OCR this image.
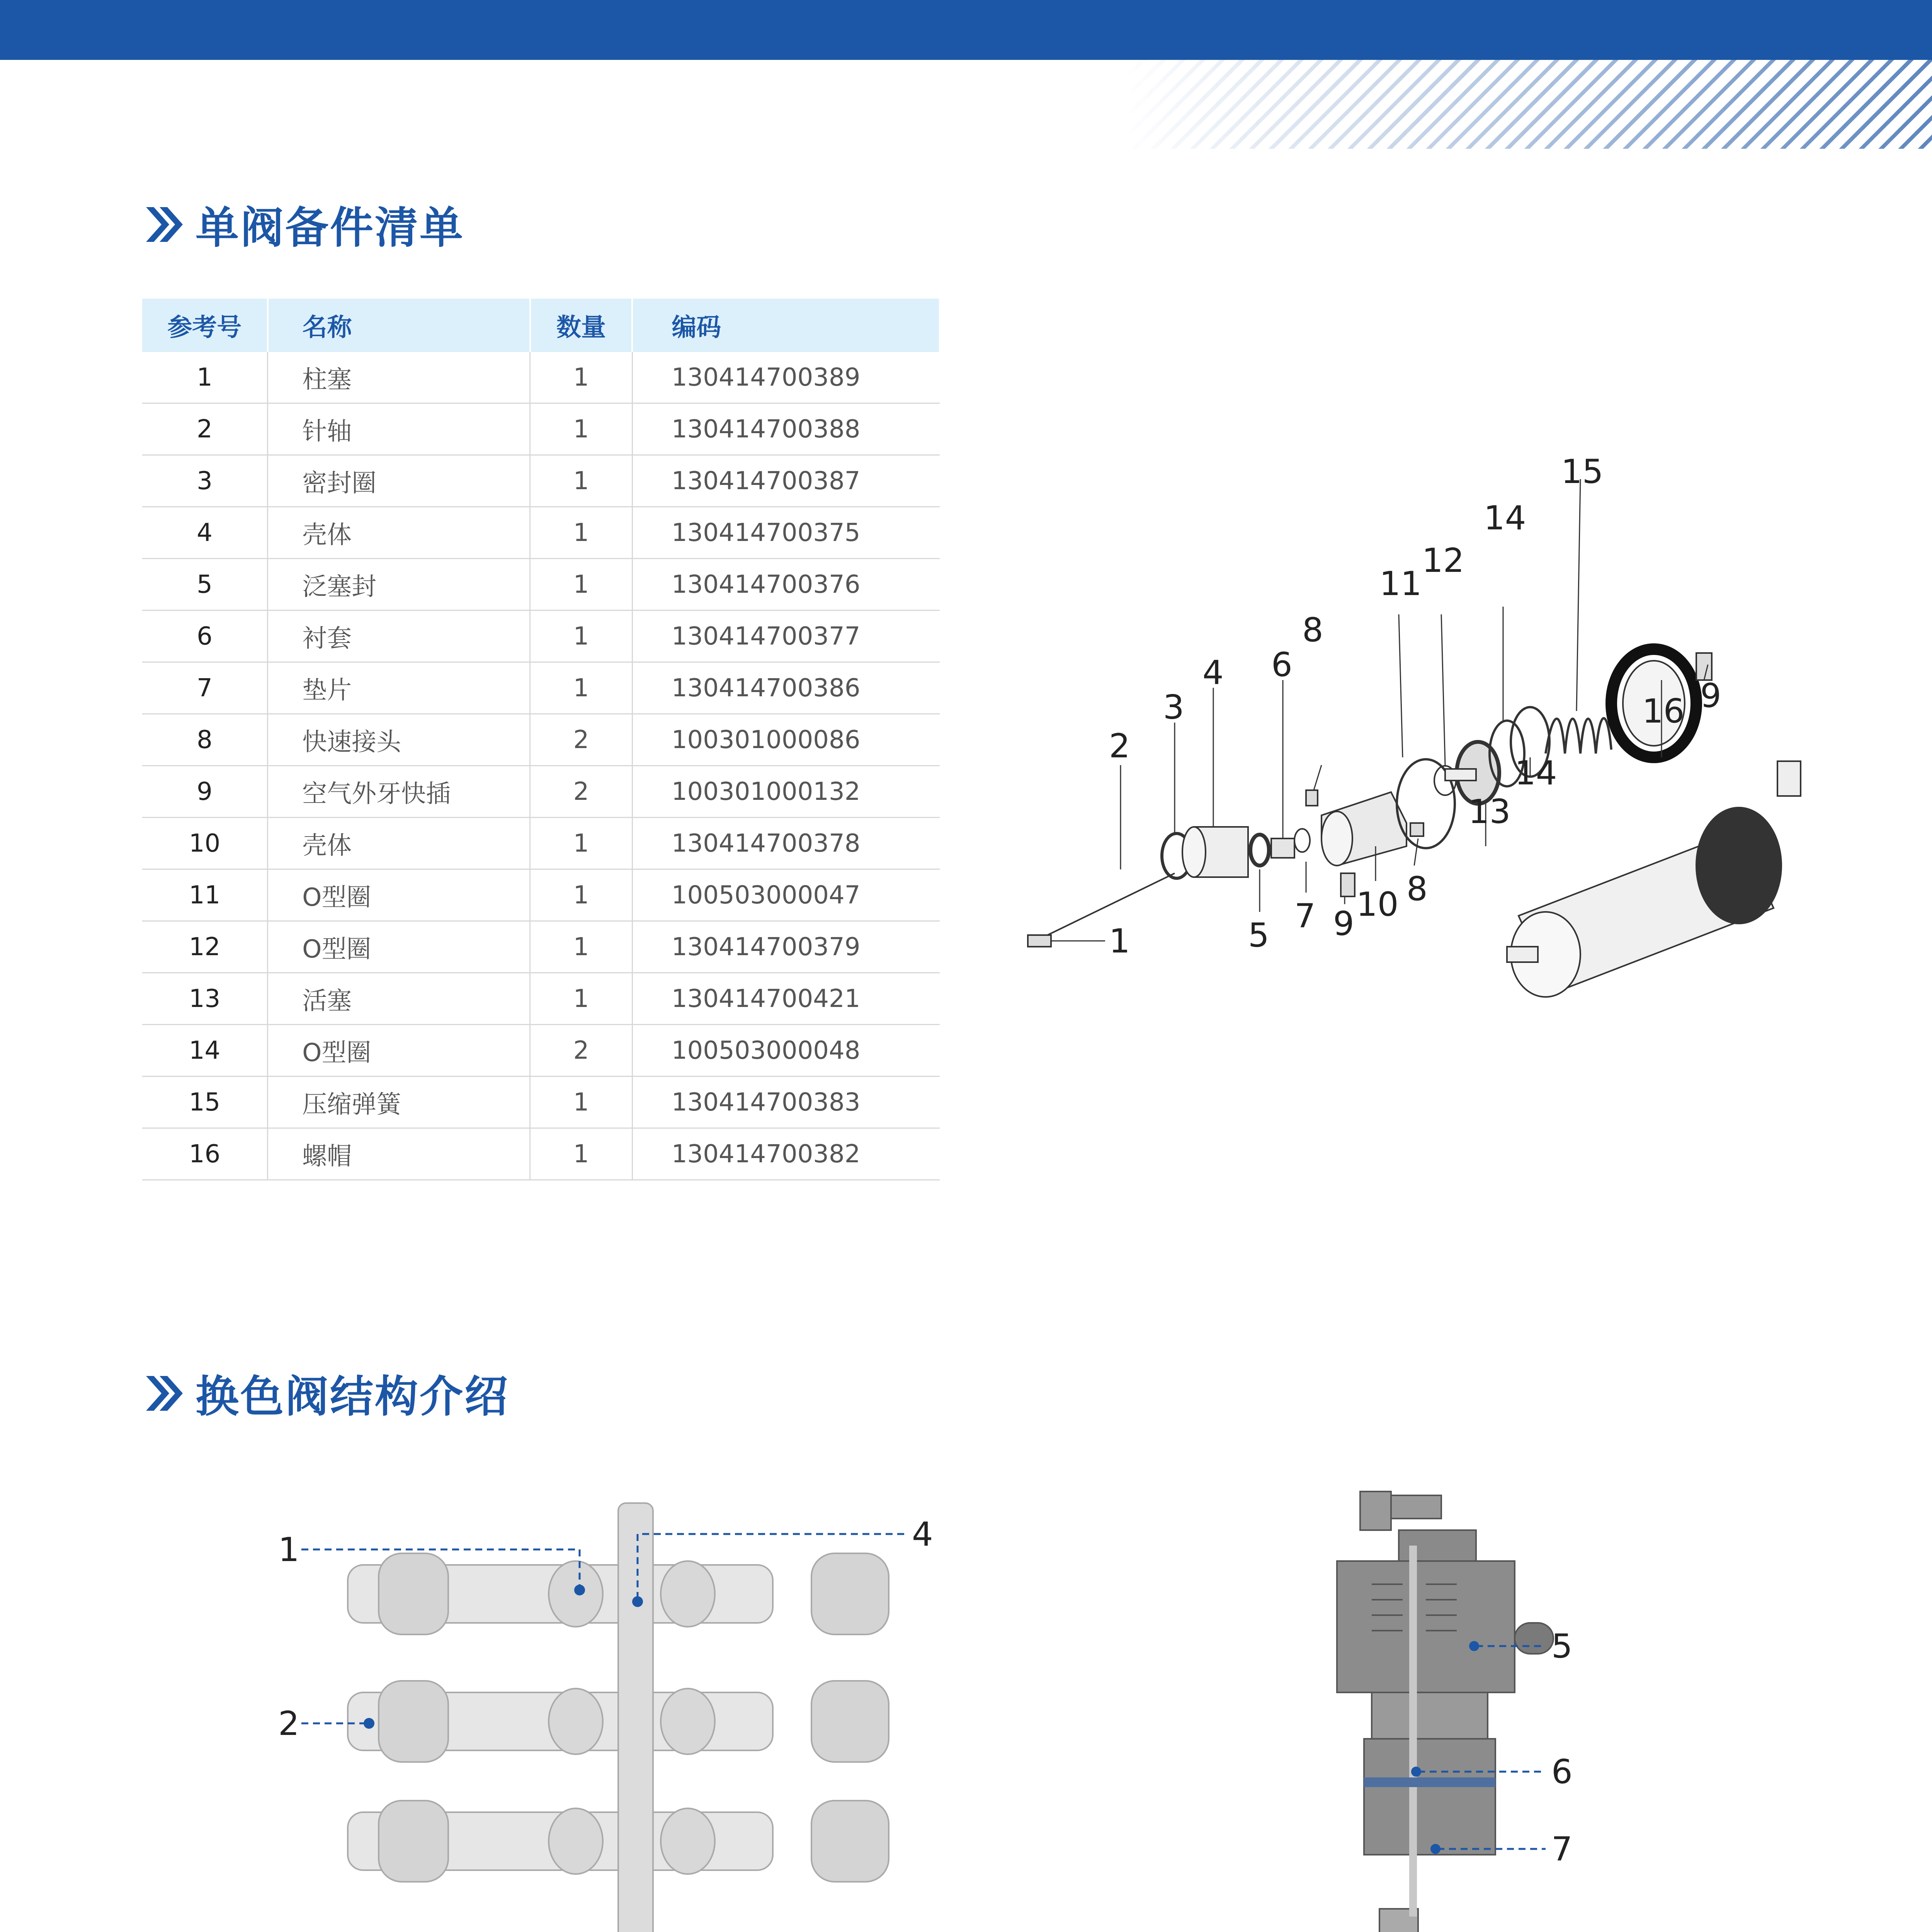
单阀备件清单
参考号	名称	数量	编码
1	柱塞	1	130414700389
2	针轴	1	130414700388
3	密封圈	1	130414700387
4	壳体	1	130414700375
5	泛塞封	1	130414700376
6	衬套	1	130414700377
7	垫片	1	130414700386
8	快速接头	2	100301000086
9	空气外牙快插	2	100301000132
10	壳体	1	130414700378
11	O型圈	1	100503000047
12	O型圈	1	130414700379
13	活塞	1	130414700421
14	O型圈	2	100503000048
15	压缩弹簧	1	130414700383
16	螺帽	1	130414700382
1
2
3
4
5
6
7
8
8
9
9
10
11
12
13
14
14
15
16
换色阀结构介绍
1
2
4
5
6
7
